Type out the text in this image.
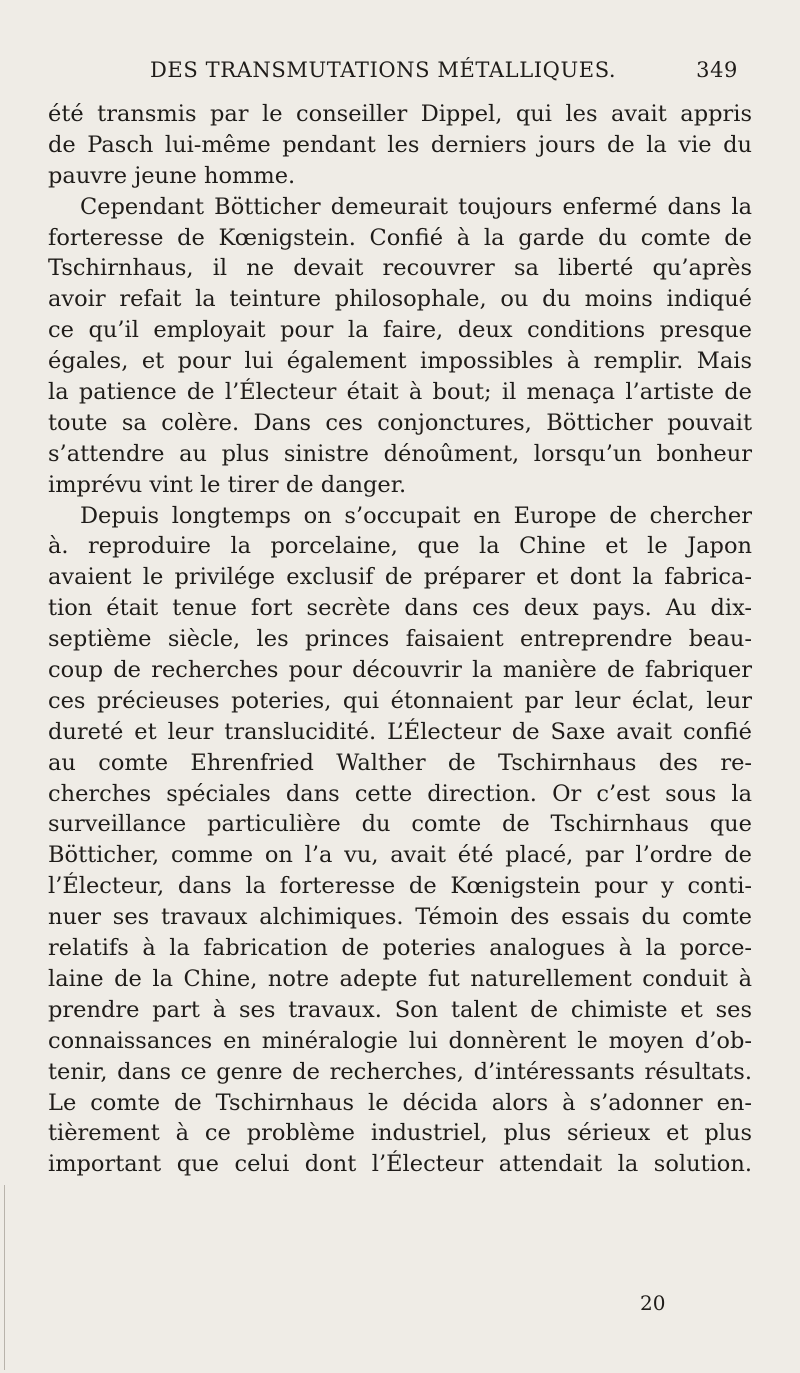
DES TRANSMUTATIONS MÉTALLIQUES.	349
été transmis par le conseiller Dippel, qui les avait appris
de Pasch lui-même pendant les derniers jours de la vie du
pauvre jeune homme.
Cependant Bötticher demeurait toujours enfermé dans la
forteresse de Kœnigstein. Confié à la garde du comte de
Tschirnhaus, il ne devait recouvrer sa liberté qu’après
avoir refait la teinture philosophale, ou du moins indiqué
ce qu’il employait pour la faire, deux conditions presque
égales, et pour lui également impossibles à remplir. Mais
la patience de l’Électeur était à bout; il menaça l’artiste de
toute sa colère. Dans ces conjonctures, Bötticher pouvait
s’attendre au plus sinistre dénoûment, lorsqu’un bonheur
imprévu vint le tirer de danger.
Depuis longtemps on s’occupait en Europe de chercher
à. reproduire la porcelaine, que la Chine et le Japon
avaient le privilége exclusif de préparer et dont la fabrica-
tion était tenue fort secrète dans ces deux pays. Au dix-
septième siècle, les princes faisaient entreprendre beau-
coup de recherches pour découvrir la manière de fabriquer
ces précieuses poteries, qui étonnaient par leur éclat, leur
dureté et leur translucidité. L’Électeur de Saxe avait confié
au comte Ehrenfried Walther de Tschirnhaus des re-
cherches spéciales dans cette direction. Or c’est sous la
surveillance particulière du comte de Tschirnhaus que
Bötticher, comme on l’a vu, avait été placé, par l’ordre de
l’Électeur, dans la forteresse de Kœnigstein pour y conti-
nuer ses travaux alchimiques. Témoin des essais du comte
relatifs à la fabrication de poteries analogues à la porce-
laine de la Chine, notre adepte fut naturellement conduit à
prendre part à ses travaux. Son talent de chimiste et ses
connaissances en minéralogie lui donnèrent le moyen d’ob-
tenir, dans ce genre de recherches, d’intéressants résultats.
Le comte de Tschirnhaus le décida alors à s’adonner en-
tièrement à ce problème industriel, plus sérieux et plus
important que celui dont l’Électeur attendait la solution.
20
